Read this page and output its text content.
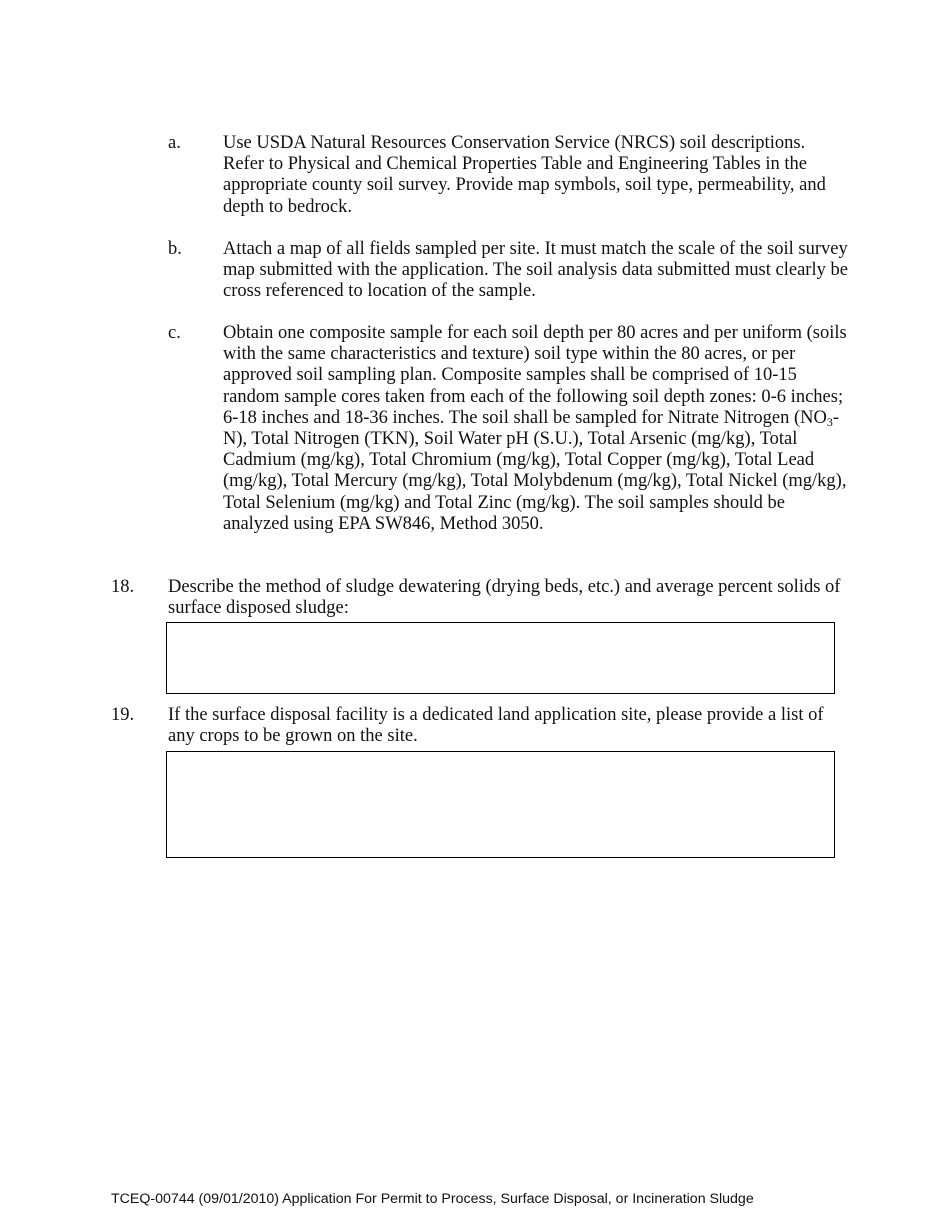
a.	Use USDA Natural Resources Conservation Service (NRCS) soil descriptions. Refer to Physical and Chemical Properties Table and Engineering Tables in the appropriate county soil survey. Provide map symbols, soil type, permeability, and depth to bedrock.
b.	Attach a map of all fields sampled per site. It must match the scale of the soil survey map submitted with the application. The soil analysis data submitted must clearly be cross referenced to location of the sample.
c.	Obtain one composite sample for each soil depth per 80 acres and per uniform (soils with the same characteristics and texture) soil type within the 80 acres, or per approved soil sampling plan. Composite samples shall be comprised of 10-15 random sample cores taken from each of the following soil depth zones: 0-6 inches; 6-18 inches and 18-36 inches. The soil shall be sampled for Nitrate Nitrogen $(NO_3-N)$, Total Nitrogen (TKN), Soil Water pH (S.U.), Total Arsenic (mg/kg), Total Cadmium (mg/kg), Total Chromium (mg/kg), Total Copper (mg/kg), Total Lead (mg/kg), Total Mercury (mg/kg), Total Molybdenum (mg/kg), Total Nickel (mg/kg), Total Selenium (mg/kg) and Total Zinc (mg/kg). The soil samples should be analyzed using EPA SW846, Method 3050.
18.	Describe the method of sludge dewatering (drying beds, etc.) and average percent solids of surface disposed sludge:
19.	If the surface disposal facility is a dedicated land application site, please provide a list of any crops to be grown on the site.
TCEQ-00744 (09/01/2010) Application For Permit to Process, Surface Disposal, or Incineration Sludge
